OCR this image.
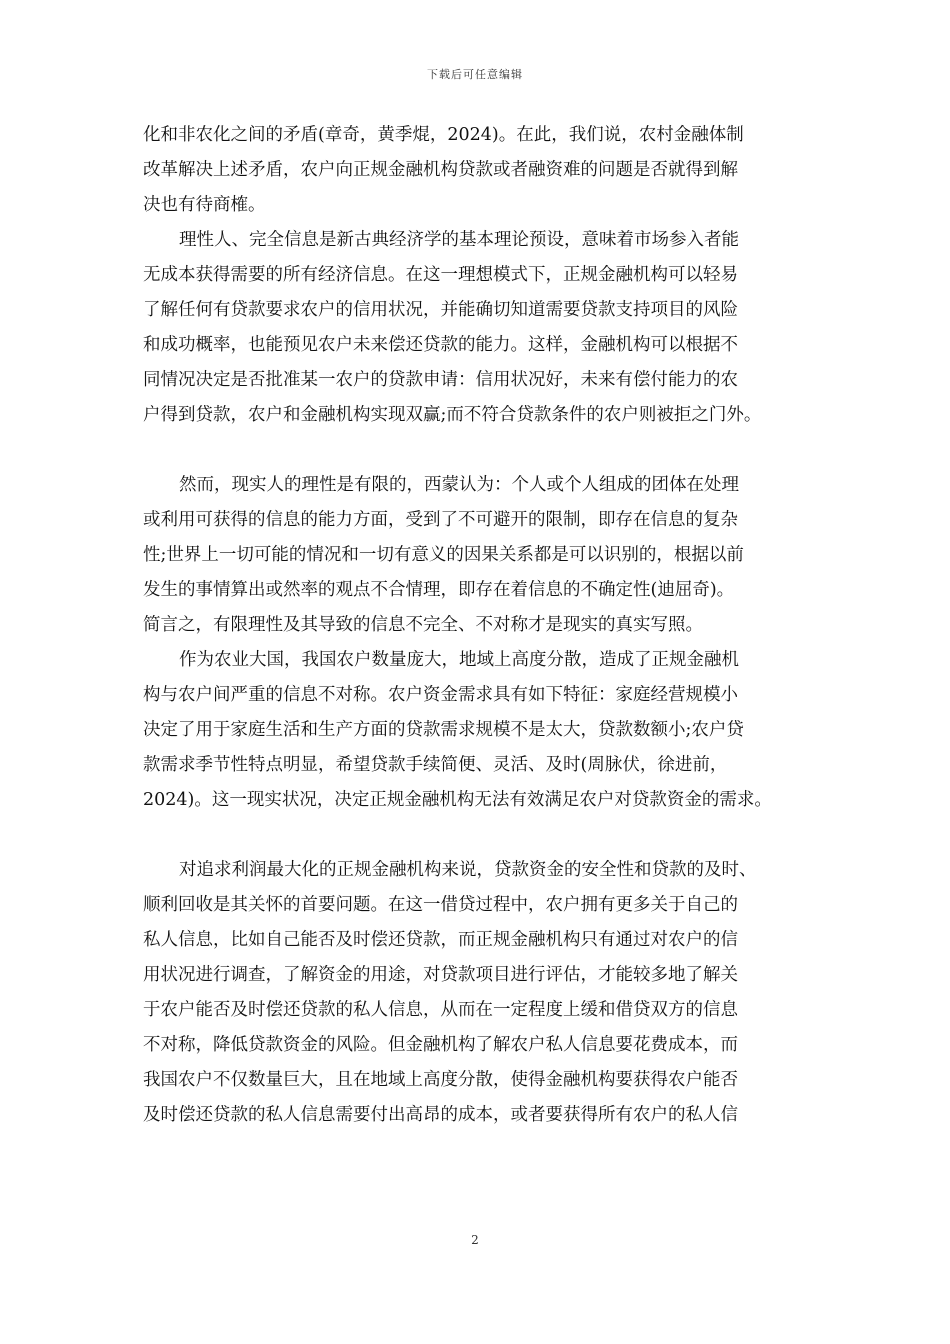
下载后可任意编辑
化和非农化之间的矛盾(章奇，黄季焜，2024)。在此，我们说，农村金融体制
改革解决上述矛盾，农户向正规金融机构贷款或者融资难的问题是否就得到解
决也有待商榷。
理性人、完全信息是新古典经济学的基本理论预设，意味着市场参入者能
无成本获得需要的所有经济信息。在这一理想模式下，正规金融机构可以轻易
了解任何有贷款要求农户的信用状况，并能确切知道需要贷款支持项目的风险
和成功概率，也能预见农户未来偿还贷款的能力。这样，金融机构可以根据不
同情况决定是否批准某一农户的贷款申请：信用状况好，未来有偿付能力的农
户得到贷款，农户和金融机构实现双赢;而不符合贷款条件的农户则被拒之门外。
然而，现实人的理性是有限的，西蒙认为：个人或个人组成的团体在处理
或利用可获得的信息的能力方面，受到了不可避开的限制，即存在信息的复杂
性;世界上一切可能的情况和一切有意义的因果关系都是可以识别的，根据以前
发生的事情算出或然率的观点不合情理，即存在着信息的不确定性(迪屈奇)。
简言之，有限理性及其导致的信息不完全、不对称才是现实的真实写照。
作为农业大国，我国农户数量庞大，地域上高度分散，造成了正规金融机
构与农户间严重的信息不对称。农户资金需求具有如下特征：家庭经营规模小
决定了用于家庭生活和生产方面的贷款需求规模不是太大，贷款数额小;农户贷
款需求季节性特点明显，希望贷款手续简便、灵活、及时(周脉伏，徐进前，
2024)。这一现实状况，决定正规金融机构无法有效满足农户对贷款资金的需求。
对追求利润最大化的正规金融机构来说，贷款资金的安全性和贷款的及时、
顺利回收是其关怀的首要问题。在这一借贷过程中，农户拥有更多关于自己的
私人信息，比如自己能否及时偿还贷款，而正规金融机构只有通过对农户的信
用状况进行调查，了解资金的用途，对贷款项目进行评估，才能较多地了解关
于农户能否及时偿还贷款的私人信息，从而在一定程度上缓和借贷双方的信息
不对称，降低贷款资金的风险。但金融机构了解农户私人信息要花费成本，而
我国农户不仅数量巨大，且在地域上高度分散，使得金融机构要获得农户能否
及时偿还贷款的私人信息需要付出高昂的成本，或者要获得所有农户的私人信
2
